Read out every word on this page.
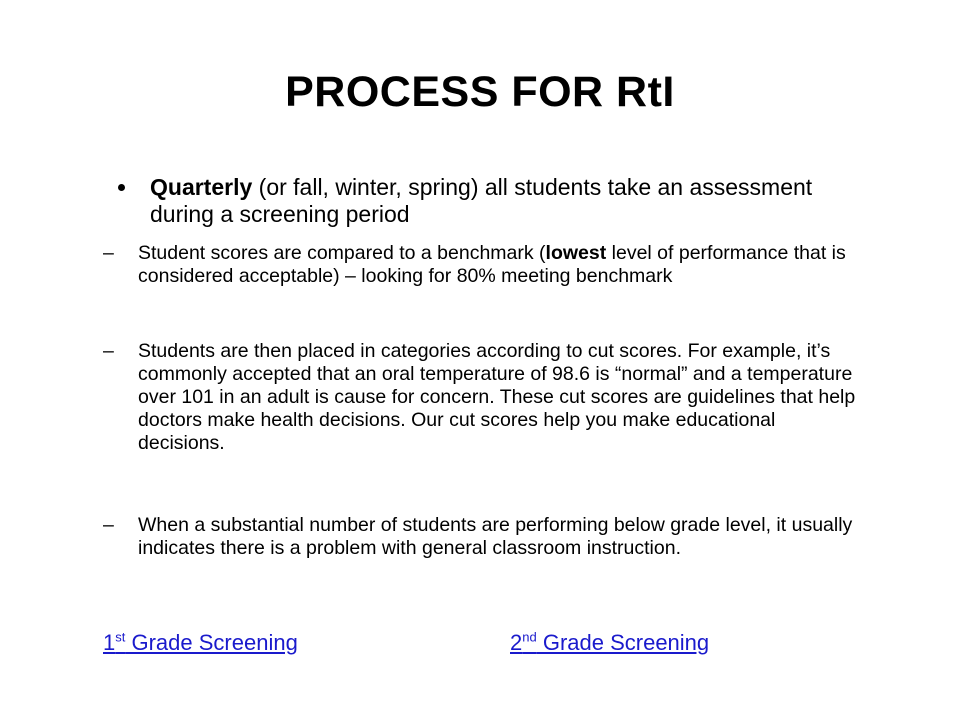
PROCESS FOR RtI
Quarterly (or fall, winter, spring) all students take an assessment during a screening period
–	Student scores are compared to a benchmark (lowest level of performance that is considered acceptable) – looking for 80% meeting benchmark
–	Students are then placed in categories according to cut scores. For example, it’s commonly accepted that an oral temperature of 98.6 is “normal” and a temperature over 101 in an adult is cause for concern. These cut scores are guidelines that help doctors make health decisions. Our cut scores help you make educational decisions.
–	When a substantial number of students are performing below grade level, it usually indicates there is a problem with general classroom instruction.
1st Grade Screening	2nd Grade Screening
